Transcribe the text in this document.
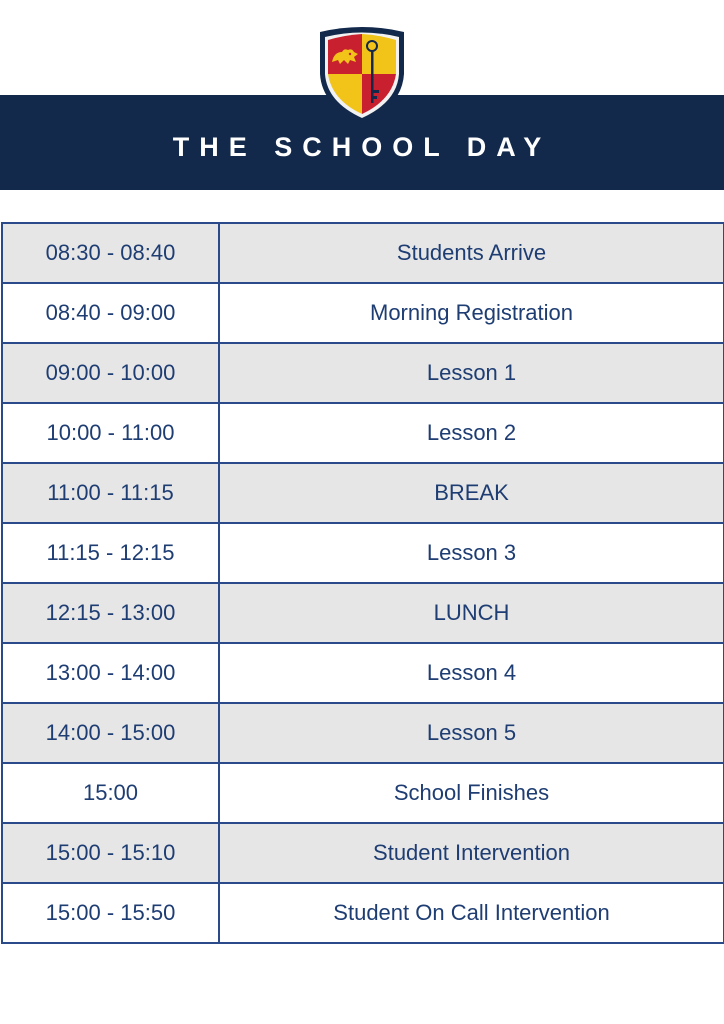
THE SCHOOL DAY
08:30 - 08:40	Students Arrive
08:40 - 09:00	Morning Registration
09:00 - 10:00	Lesson 1
10:00 - 11:00	Lesson 2
11:00 - 11:15	BREAK
11:15 - 12:15	Lesson 3
12:15 - 13:00	LUNCH
13:00 - 14:00	Lesson 4
14:00 - 15:00	Lesson 5
15:00	School Finishes
15:00 - 15:10	Student Intervention
15:00 - 15:50	Student On Call Intervention
